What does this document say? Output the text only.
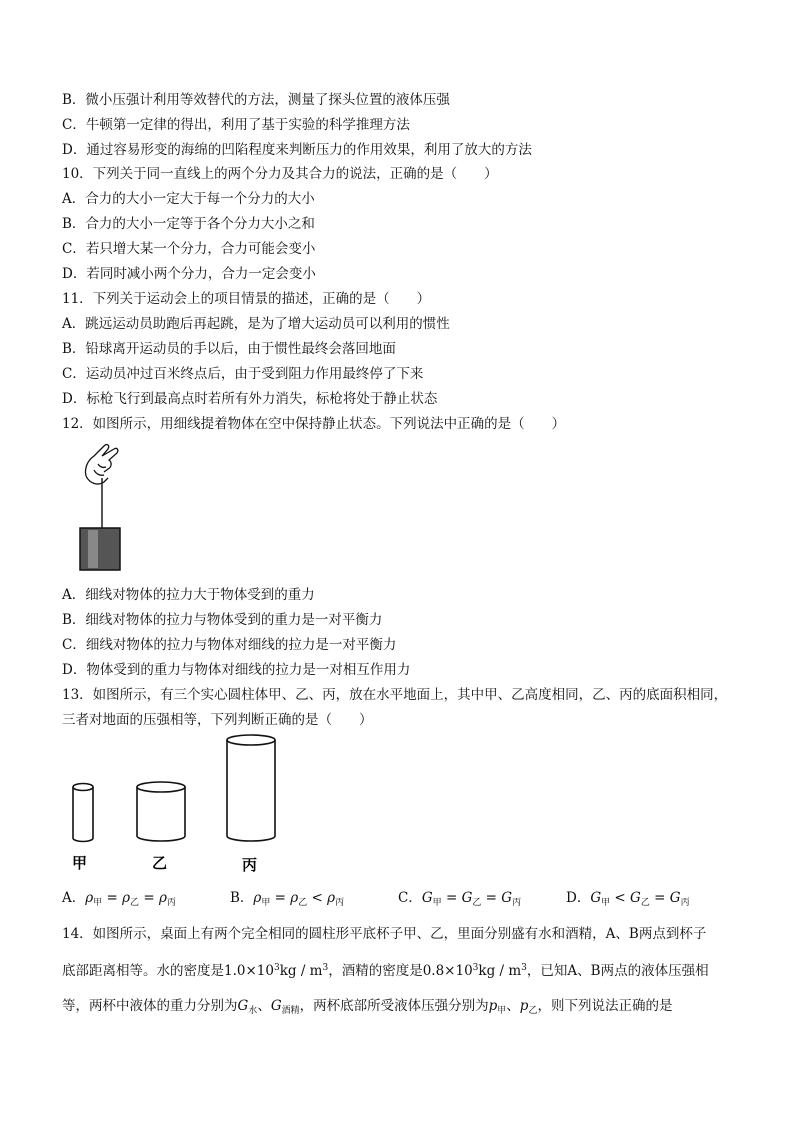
B．微小压强计利用等效替代的方法，测量了探头位置的液体压强
C．牛顿第一定律的得出，利用了基于实验的科学推理方法
D．通过容易形变的海绵的凹陷程度来判断压力的作用效果，利用了放大的方法
10．下列关于同一直线上的两个分力及其合力的说法，正确的是（　　）
A．合力的大小一定大于每一个分力的大小
B．合力的大小一定等于各个分力大小之和
C．若只增大某一个分力，合力可能会变小
D．若同时减小两个分力，合力一定会变小
11．下列关于运动会上的项目情景的描述，正确的是（　　）
A．跳远运动员助跑后再起跳，是为了增大运动员可以利用的惯性
B．铅球离开运动员的手以后，由于惯性最终会落回地面
C．运动员冲过百米终点后，由于受到阻力作用最终停了下来
D．标枪飞行到最高点时若所有外力消失，标枪将处于静止状态
12．如图所示，用细线提着物体在空中保持静止状态。下列说法中正确的是（　　）
A．细线对物体的拉力大于物体受到的重力
B．细线对物体的拉力与物体受到的重力是一对平衡力
C．细线对物体的拉力与物体对细线的拉力是一对平衡力
D．物体受到的重力与物体对细线的拉力是一对相互作用力
13．如图所示，有三个实心圆柱体甲、乙、丙，放在水平地面上，其中甲、乙高度相同，乙、丙的底面积相同，
三者对地面的压强相等，下列判断正确的是（　　）
甲	乙	丙
A．$\rho_甲 = \rho_乙 = \rho_丙$	B．$\rho_甲 = \rho_乙 < \rho_丙$	C．$G_甲 = G_乙 = G_丙$	D．$G_甲 < G_乙 = G_丙$
14．如图所示，桌面上有两个完全相同的圆柱形平底杯子甲、乙，里面分别盛有水和酒精，A、B两点到杯子
底部距离相等。水的密度是$1.0\times 10^3kg / m^3$，酒精的密度是$0.8\times 10^3kg / m^3$，已知A、B两点的液体压强相
等，两杯中液体的重力分别为$G_水$、$G_{酒精}$，两杯底部所受液体压强分别为$p_甲$、$p_乙$，则下列说法正确的是
